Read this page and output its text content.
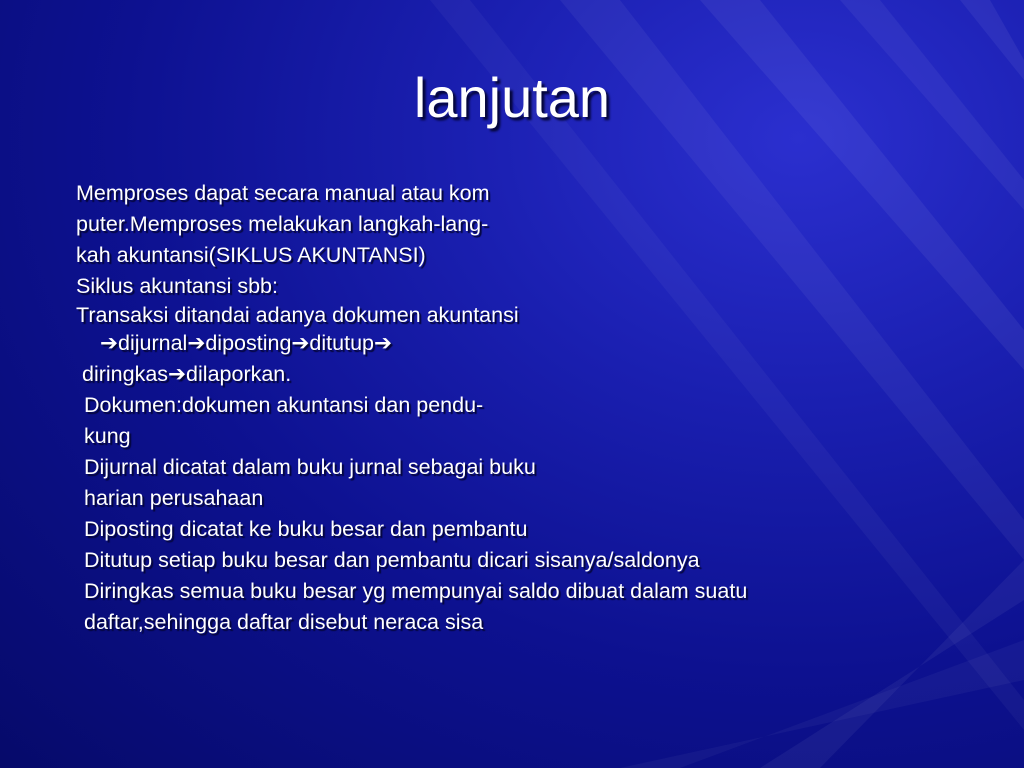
lanjutan
Memproses dapat secara manual atau kom
puter.Memproses melakukan langkah-lang-
kah akuntansi(SIKLUS AKUNTANSI)
Siklus akuntansi sbb:
Transaksi ditandai adanya dokumen akuntansi
➔dijurnal➔diposting➔ditutup➔
diringkas➔dilaporkan.
Dokumen:dokumen akuntansi dan pendu-
kung
Dijurnal dicatat dalam buku jurnal sebagai buku
harian perusahaan
Diposting dicatat ke buku besar dan pembantu
Ditutup setiap buku besar dan pembantu dicari sisanya/saldonya
Diringkas semua buku besar yg mempunyai saldo dibuat dalam suatu
daftar,sehingga daftar disebut neraca sisa
